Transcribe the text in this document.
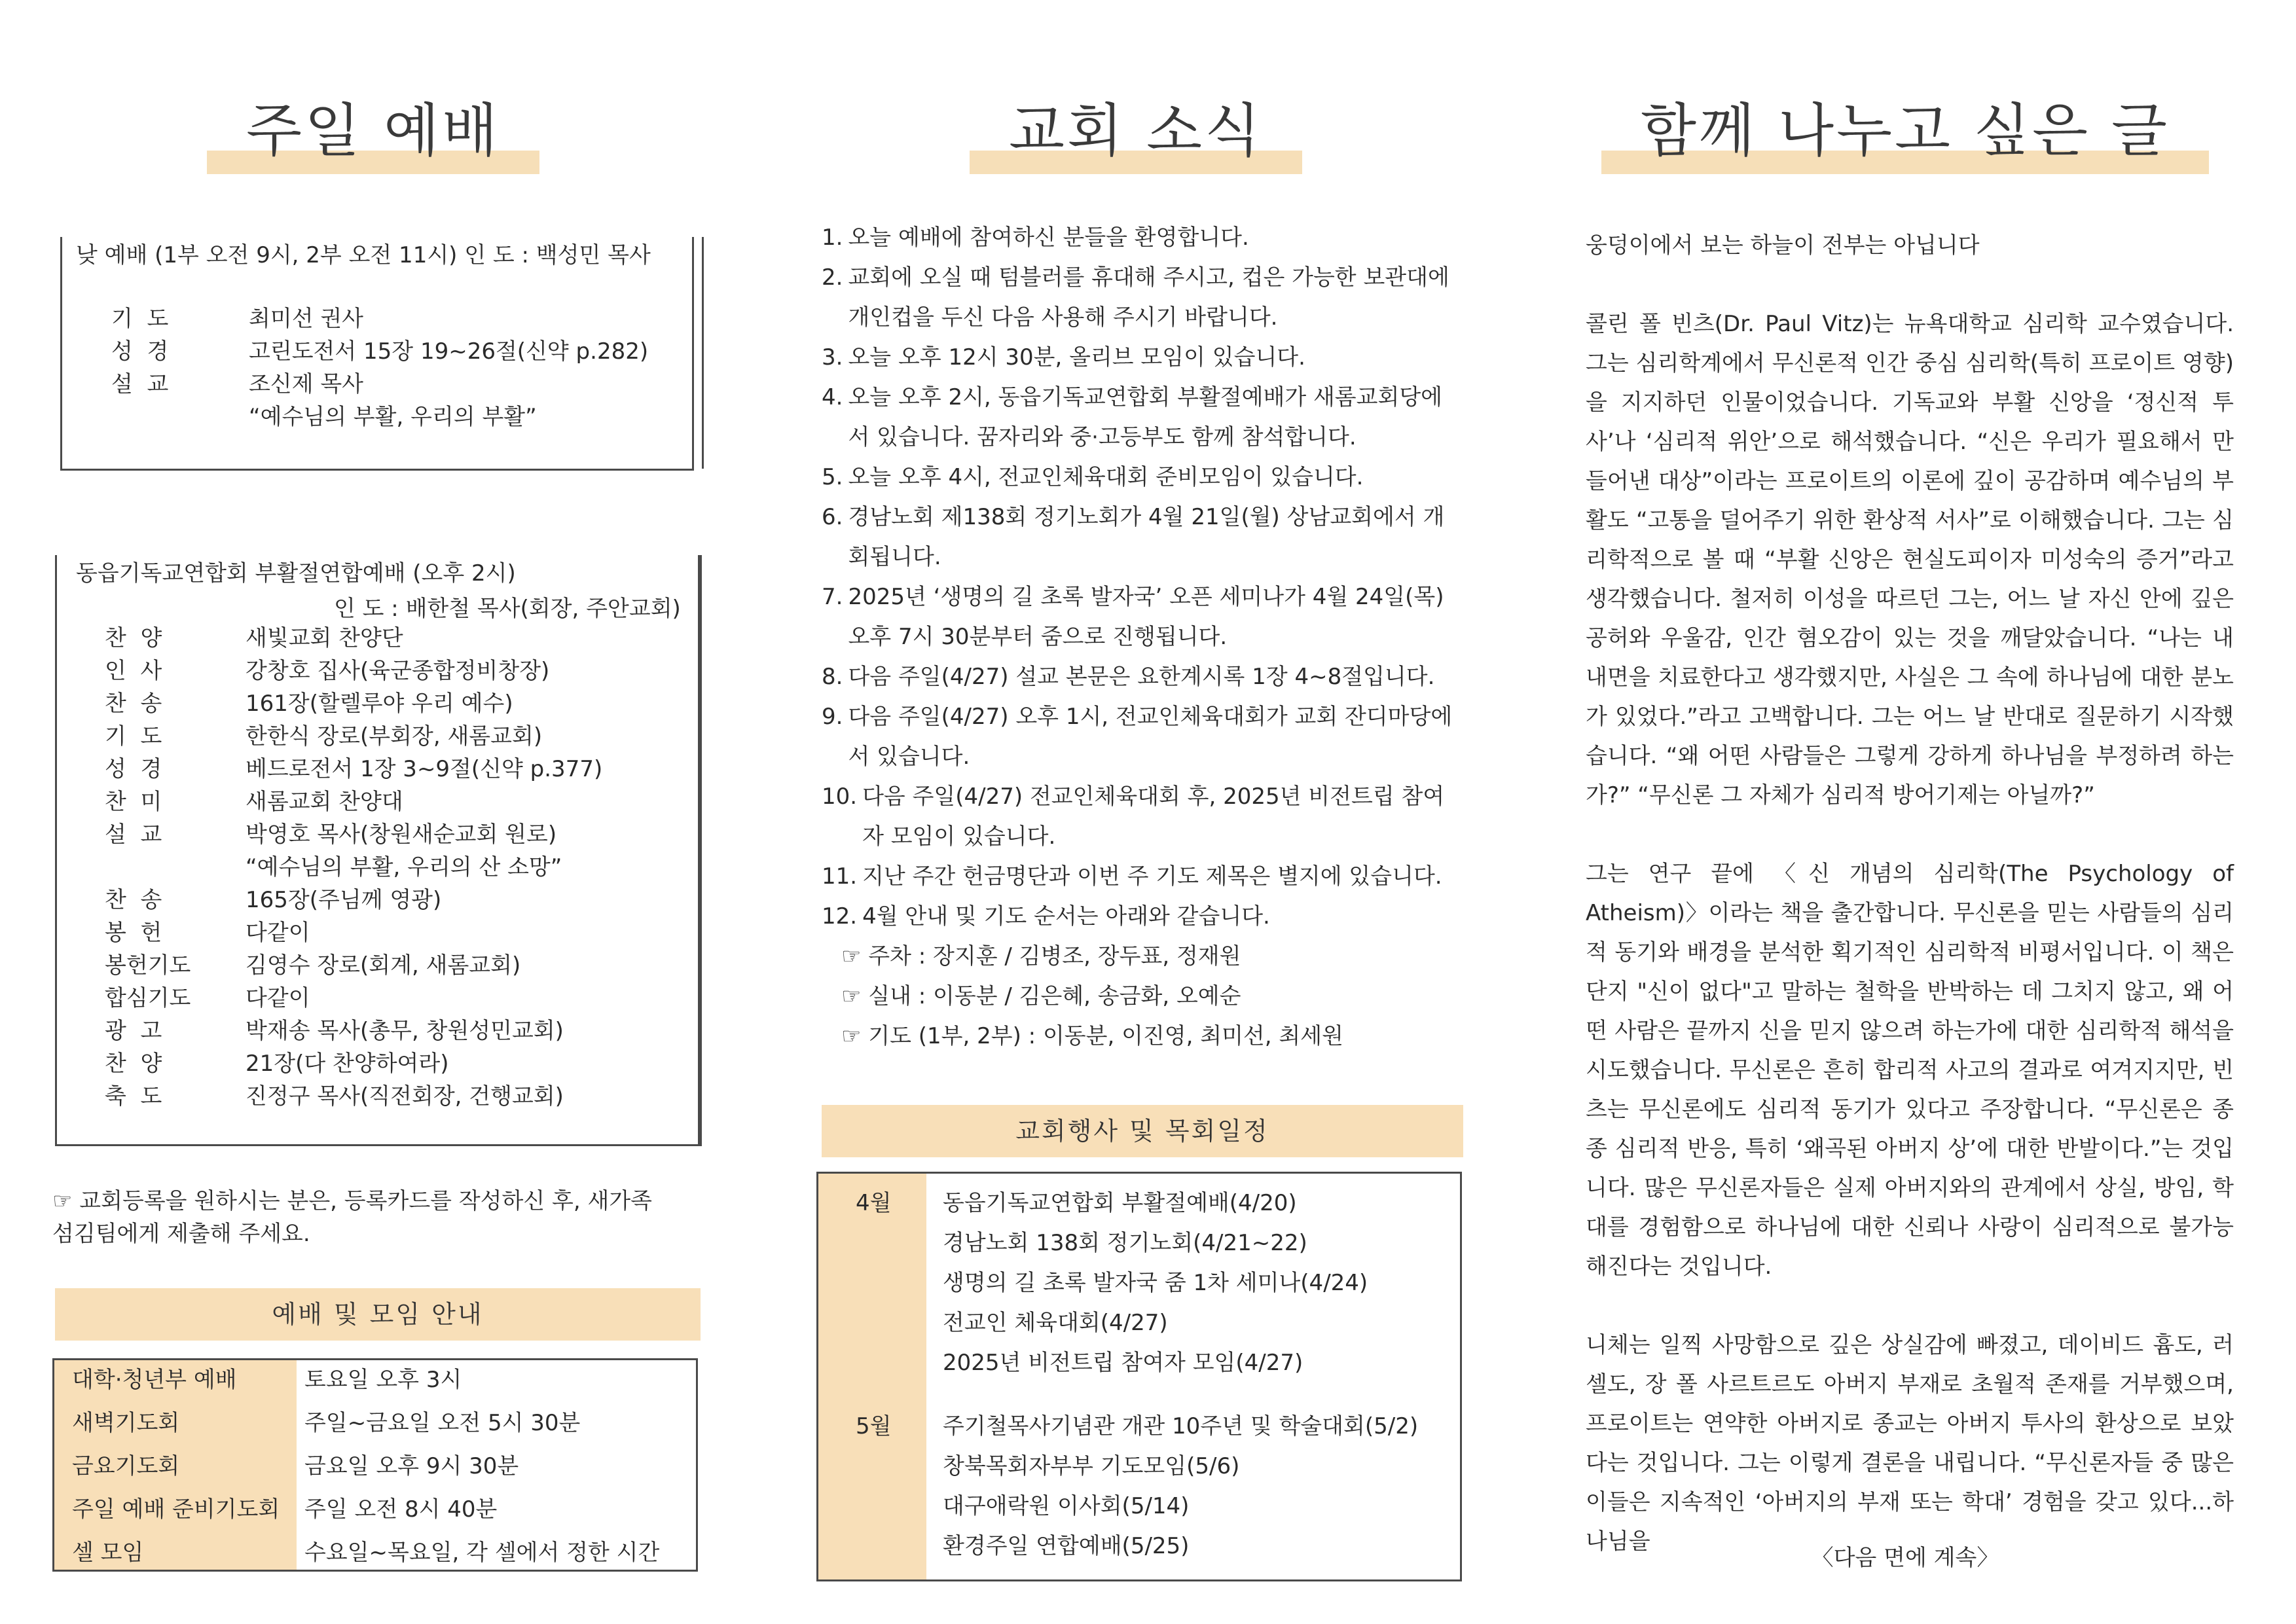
주일 예배
낮 예배 (1부 오전 9시, 2부 오전 11시) 인 도 : 백성민 목사
기  도	최미선 권사
성  경	고린도전서 15장 19~26절(신약 p.282)
설  교	조신제 목사
“예수님의 부활, 우리의 부활”
동읍기독교연합회 부활절연합예배 (오후 2시)
인 도 : 배한철 목사(회장, 주안교회)
찬  양	새빛교회 찬양단
인  사	강창호 집사(육군종합정비창장)
찬  송	161장(할렐루야 우리 예수)
기  도	한한식 장로(부회장, 새롬교회)
성  경	베드로전서 1장 3~9절(신약 p.377)
찬  미	새롬교회 찬양대
설  교	박영호 목사(창원새순교회 원로)
“예수님의 부활, 우리의 산 소망”
찬  송	165장(주님께 영광)
봉  헌	다같이
봉헌기도 김영수 장로(회계, 새롬교회)
합심기도 다같이
광  고	박재송 목사(총무, 창원성민교회)
찬  양	21장(다 찬양하여라)
축  도	진정구 목사(직전회장, 건행교회)
☞ 교회등록을 원하시는 분은, 등록카드를 작성하신 후, 새가족
섬김팀에게 제출해 주세요.
예배 및 모임 안내
대학·청년부 예배	토요일 오후 3시
새벽기도회	주일~금요일 오전 5시 30분
금요기도회	금요일 오후 9시 30분
주일 예배 준비기도회 주일 오전 8시 40분
셀 모임	수요일~목요일, 각 셀에서 정한 시간
교회 소식
1. 오늘 예배에 참여하신 분들을 환영합니다.
2. 교회에 오실 때 텀블러를 휴대해 주시고, 컵은 가능한 보관대에 개인컵을 두신 다음 사용해 주시기 바랍니다.
3. 오늘 오후 12시 30분, 올리브 모임이 있습니다.
4. 오늘 오후 2시, 동읍기독교연합회 부활절예배가 새롬교회당에서 있습니다. 꿈자리와 중·고등부도 함께 참석합니다.
5. 오늘 오후 4시, 전교인체육대회 준비모임이 있습니다.
6. 경남노회 제138회 정기노회가 4월 21일(월) 상남교회에서 개회됩니다.
7. 2025년 ‘생명의 길 초록 발자국’ 오픈 세미나가 4월 24일(목) 오후 7시 30분부터 줌으로 진행됩니다.
8. 다음 주일(4/27) 설교 본문은 요한계시록 1장 4~8절입니다.
9. 다음 주일(4/27) 오후 1시, 전교인체육대회가 교회 잔디마당에서 있습니다.
10. 다음 주일(4/27) 전교인체육대회 후, 2025년 비전트립 참여자 모임이 있습니다.
11. 지난 주간 헌금명단과 이번 주 기도 제목은 별지에 있습니다.
12. 4월 안내 및 기도 순서는 아래와 같습니다.
☞ 주차 : 장지훈 / 김병조, 장두표, 정재원
☞ 실내 : 이동분 / 김은혜, 송금화, 오예순
☞ 기도 (1부, 2부) : 이동분, 이진영, 최미선, 최세원
교회행사 및 목회일정
4월 동읍기독교연합회 부활절예배(4/20)
경남노회 138회 정기노회(4/21~22)
생명의 길 초록 발자국 줌 1차 세미나(4/24)
전교인 체육대회(4/27)
2025년 비전트립 참여자 모임(4/27)
5월 주기철목사기념관 개관 10주년 및 학술대회(5/2)
창북목회자부부 기도모임(5/6)
대구애락원 이사회(5/14)
환경주일 연합예배(5/25)
함께 나누고 싶은 글

웅덩이에서 보는 하늘이 전부는 아닙니다

콜린 폴 빈츠(Dr. Paul Vitz)는 뉴욕대학교 심리학 교수였습니다. 그는 심리학계에서 무신론적 인간 중심 심리학(특히 프로이트 영향)을 지지하던 인물이었습니다. 기독교와 부활 신앙을 ‘정신적 투사’나 ‘심리적 위안’으로 해석했습니다. “신은 우리가 필요해서 만들어낸 대상”이라는 프로이트의 이론에 깊이 공감하며 예수님의 부활도 “고통을 덜어주기 위한 환상적 서사”로 이해했습니다. 그는 심리학적으로 볼 때 “부활 신앙은 현실도피이자 미성숙의 증거”라고 생각했습니다. 철저히 이성을 따르던 그는, 어느 날 자신 안에 깊은 공허와 우울감, 인간 혐오감이 있는 것을 깨달았습니다. “나는 내 내면을 치료한다고 생각했지만, 사실은 그 속에 하나님에 대한 분노가 있었다.”라고 고백합니다. 그는 어느 날 반대로 질문하기 시작했습니다. “왜 어떤 사람들은 그렇게 강하게 하나님을 부정하려 하는가?” “무신론 그 자체가 심리적 방어기제는 아닐까?”

그는 연구 끝에 〈신 개념의 심리학(The Psychology of Atheism)〉이라는 책을 출간합니다. 무신론을 믿는 사람들의 심리적 동기와 배경을 분석한 획기적인 심리학적 비평서입니다. 이 책은 단지 "신이 없다"고 말하는 철학을 반박하는 데 그치지 않고, 왜 어떤 사람은 끝까지 신을 믿지 않으려 하는가에 대한 심리학적 해석을 시도했습니다. 무신론은 흔히 합리적 사고의 결과로 여겨지지만, 빈츠는 무신론에도 심리적 동기가 있다고 주장합니다. “무신론은 종종 심리적 반응, 특히 ‘왜곡된 아버지 상’에 대한 반발이다.”는 것입니다. 많은 무신론자들은 실제 아버지와의 관계에서 상실, 방임, 학대를 경험함으로 하나님에 대한 신뢰나 사랑이 심리적으로 불가능해진다는 것입니다.

니체는 일찍 사망함으로 깊은 상실감에 빠졌고, 데이비드 흄도, 러셀도, 장 폴 사르트르도 아버지 부재로 초월적 존재를 거부했으며, 프로이트는 연약한 아버지로 종교는 아버지 투사의 환상으로 보았다는 것입니다. 그는 이렇게 결론을 내립니다. “무신론자들 중 많은 이들은 지속적인 ‘아버지의 부재 또는 학대’ 경험을 갖고 있다...하나님을

〈다음 면에 계속〉
